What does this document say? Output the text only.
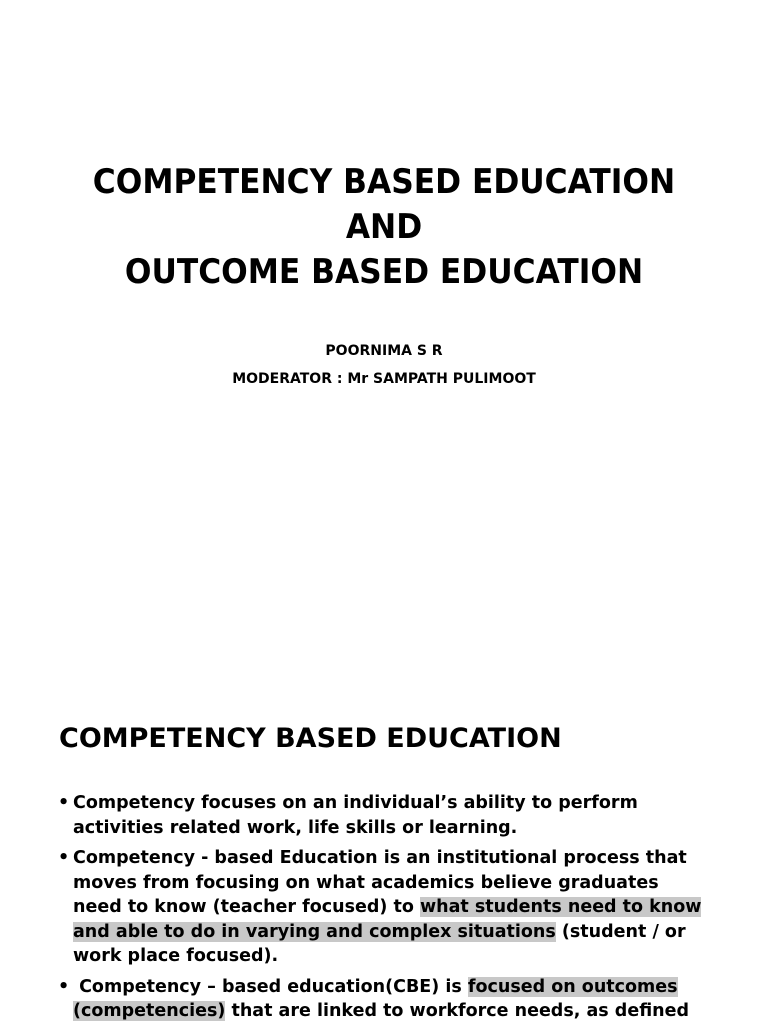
COMPETENCY BASED EDUCATION
AND
OUTCOME BASED EDUCATION
POORNIMA S R
MODERATOR : Mr SAMPATH PULIMOOT
COMPETENCY BASED EDUCATION
• Competency focuses on an individual’s ability to perform
activities related work, life skills or learning.
• Competency - based Education is an institutional process that
moves from focusing on what academics believe graduates
need to know (teacher focused) to what students need to know
and able to do in varying and complex situations (student / or
work place focused).
• Competency – based education(CBE) is focused on outcomes
(competencies) that are linked to workforce needs, as defined
